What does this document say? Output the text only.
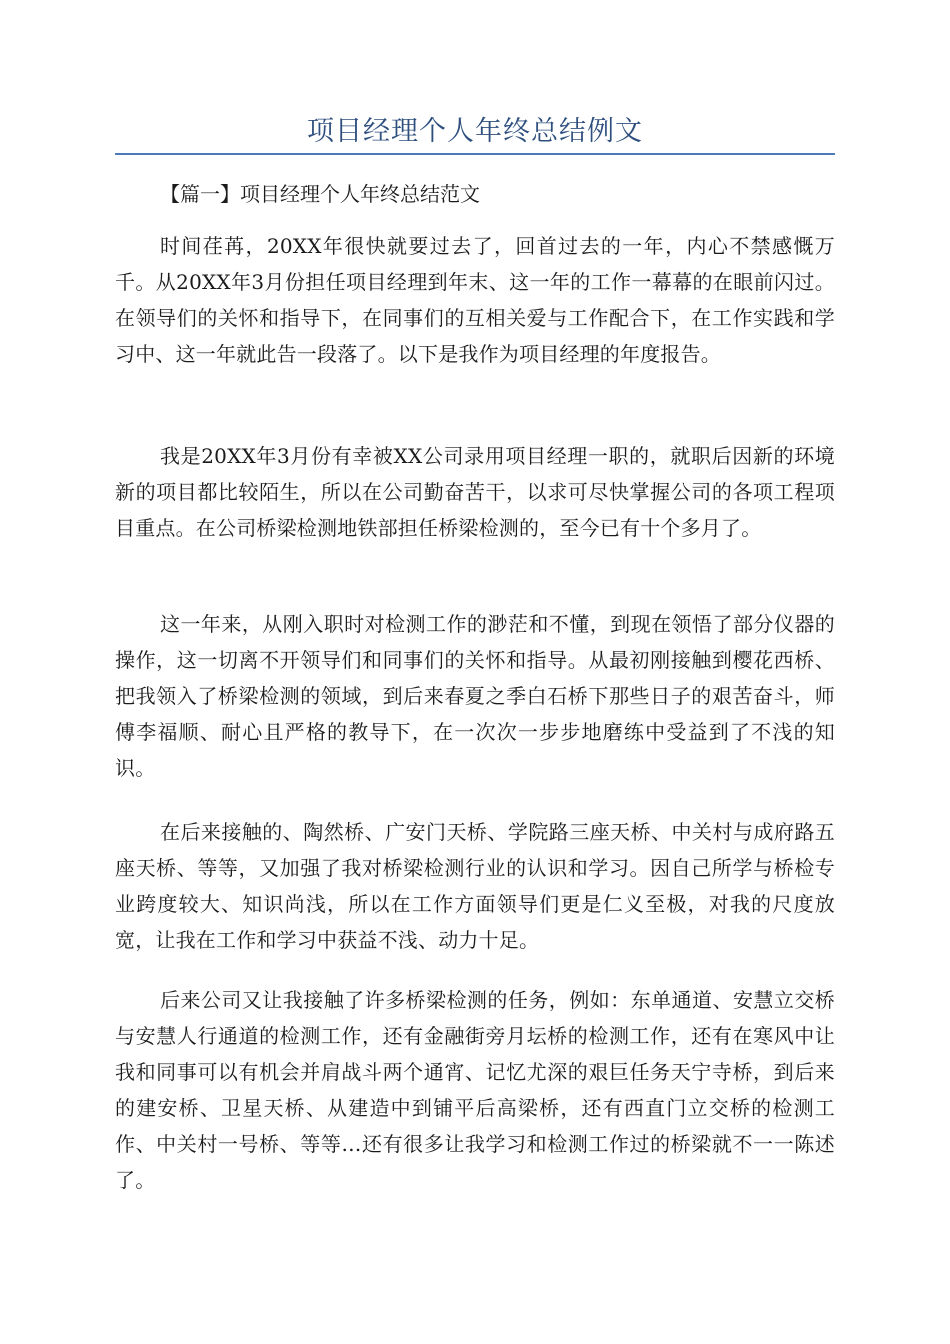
项目经理个人年终总结例文
【篇一】项目经理个人年终总结范文

时间荏苒，20XX年很快就要过去了，回首过去的一年，内心不禁感慨万千。从20XX年3月份担任项目经理到年末、这一年的工作一幕幕的在眼前闪过。在领导们的关怀和指导下，在同事们的互相关爱与工作配合下，在工作实践和学习中、这一年就此告一段落了。以下是我作为项目经理的年度报告。

我是20XX年3月份有幸被XX公司录用项目经理一职的，就职后因新的环境新的项目都比较陌生，所以在公司勤奋苦干，以求可尽快掌握公司的各项工程项目重点。在公司桥梁检测地铁部担任桥梁检测的，至今已有十个多月了。

这一年来，从刚入职时对检测工作的渺茫和不懂，到现在领悟了部分仪器的操作，这一切离不开领导们和同事们的关怀和指导。从最初刚接触到樱花西桥、把我领入了桥梁检测的领域，到后来春夏之季白石桥下那些日子的艰苦奋斗，师傅李福顺、耐心且严格的教导下，在一次次一步步地磨练中受益到了不浅的知识。

在后来接触的、陶然桥、广安门天桥、学院路三座天桥、中关村与成府路五座天桥、等等，又加强了我对桥梁检测行业的认识和学习。因自己所学与桥检专业跨度较大、知识尚浅，所以在工作方面领导们更是仁义至极，对我的尺度放宽，让我在工作和学习中获益不浅、动力十足。

后来公司又让我接触了许多桥梁检测的任务，例如：东单通道、安慧立交桥与安慧人行通道的检测工作，还有金融街旁月坛桥的检测工作，还有在寒风中让我和同事可以有机会并肩战斗两个通宵、记忆尤深的艰巨任务天宁寺桥，到后来的建安桥、卫星天桥、从建造中到铺平后高梁桥，还有西直门立交桥的检测工作、中关村一号桥、等等…还有很多让我学习和检测工作过的桥梁就不一一陈述了。
